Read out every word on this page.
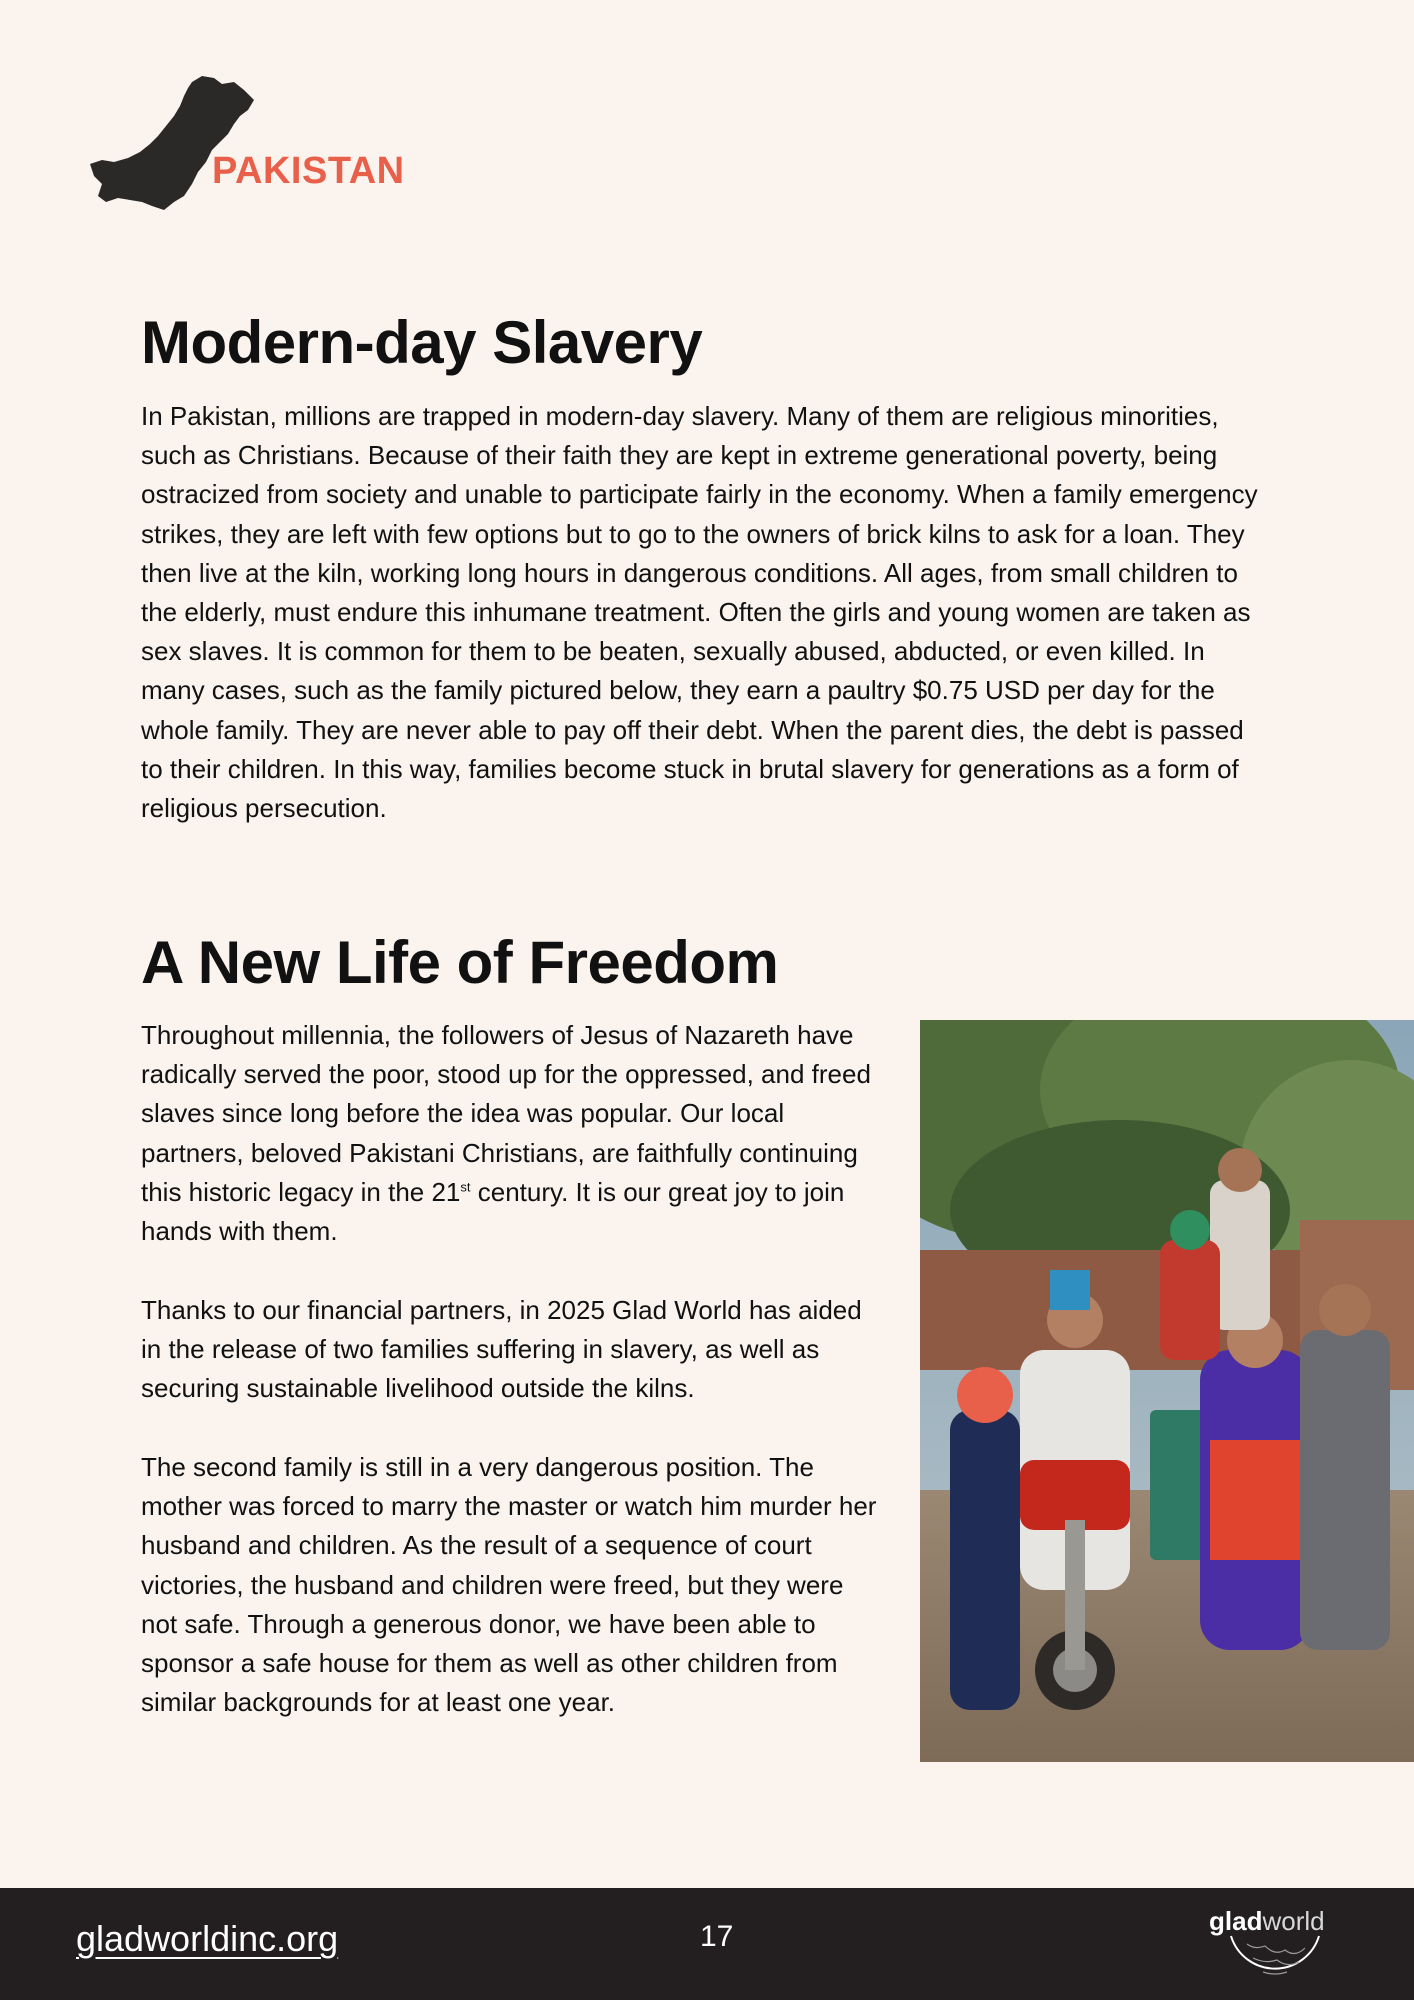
PAKISTAN
Modern-day Slavery

In Pakistan, millions are trapped in modern-day slavery. Many of them are religious minorities, such as Christians. Because of their faith they are kept in extreme generational poverty, being ostracized from society and unable to participate fairly in the economy. When a family emergency strikes, they are left with few options but to go to the owners of brick kilns to ask for a loan. They then live at the kiln, working long hours in dangerous conditions. All ages, from small children to the elderly, must endure this inhumane treatment. Often the girls and young women are taken as sex slaves. It is common for them to be beaten, sexually abused, abducted, or even killed. In many cases, such as the family pictured below, they earn a paultry $0.75 USD per day for the whole family. They are never able to pay off their debt. When the parent dies, the debt is passed to their children. In this way, families become stuck in brutal slavery for generations as a form of religious persecution.

A New Life of Freedom

Throughout millennia, the followers of Jesus of Nazareth have radically served the poor, stood up for the oppressed, and freed slaves since long before the idea was popular. Our local partners, beloved Pakistani Christians, are faithfully continuing this historic legacy in the 21st century. It is our great joy to join hands with them.

Thanks to our financial partners, in 2025 Glad World has aided in the release of two families suffering in slavery, as well as securing sustainable livelihood outside the kilns.

The second family is still in a very dangerous position. The mother was forced to marry the master or watch him murder her husband and children. As the result of a sequence of court victories, the husband and children were freed, but they were not safe. Through a generous donor, we have been able to sponsor a safe house for them as well as other children from similar backgrounds for at least one year.

gladworldinc.org	17	gladworld
